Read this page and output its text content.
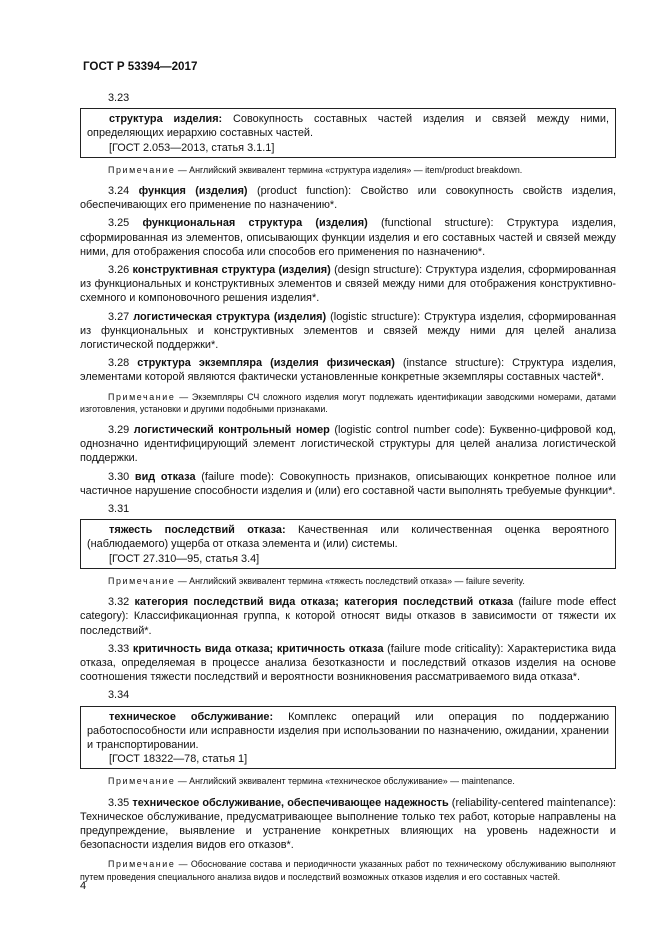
ГОСТ Р 53394—2017
3.23

структура изделия: Совокупность составных частей изделия и связей между ними, определяющих иерархию составных частей.

[ГОСТ 2.053—2013, статья 3.1.1]

Примечание — Английский эквивалент термина «структура изделия» — item/product breakdown.

3.24 функция (изделия) (product function): Свойство или совокупность свойств изделия, обеспечивающих его применение по назначению*.

3.25 функциональная структура (изделия) (functional structure): Структура изделия, сформированная из элементов, описывающих функции изделия и его составных частей и связей между ними, для отображения способа или способов его применения по назначению*.

3.26 конструктивная структура (изделия) (design structure): Структура изделия, сформированная из функциональных и конструктивных элементов и связей между ними для отображения конструктивно-схемного и компоновочного решения изделия*.

3.27 логистическая структура (изделия) (logistic structure): Структура изделия, сформированная из функциональных и конструктивных элементов и связей между ними для целей анализа логистической поддержки*.

3.28 структура экземпляра (изделия физическая) (instance structure): Структура изделия, элементами которой являются фактически установленные конкретные экземпляры составных частей*.

Примечание — Экземпляры СЧ сложного изделия могут подлежать идентификации заводскими номерами, датами изготовления, установки и другими подобными признаками.

3.29 логистический контрольный номер (logistic control number code): Буквенно-цифровой код, однозначно идентифицирующий элемент логистической структуры для целей анализа логистической поддержки.

3.30 вид отказа (failure mode): Совокупность признаков, описывающих конкретное полное или частичное нарушение способности изделия и (или) его составной части выполнять требуемые функции*.

3.31

тяжесть последствий отказа: Качественная или количественная оценка вероятного (наблюдаемого) ущерба от отказа элемента и (или) системы.

[ГОСТ 27.310—95, статья 3.4]

Примечание — Английский эквивалент термина «тяжесть последствий отказа» — failure severity.

3.32 категория последствий вида отказа; категория последствий отказа (failure mode effect category): Классификационная группа, к которой относят виды отказов в зависимости от тяжести их последствий*.

3.33 критичность вида отказа; критичность отказа (failure mode criticality): Характеристика вида отказа, определяемая в процессе анализа безотказности и последствий отказов изделия на основе соотношения тяжести последствий и вероятности возникновения рассматриваемого вида отказа*.

3.34

техническое обслуживание: Комплекс операций или операция по поддержанию работоспособности или исправности изделия при использовании по назначению, ожидании, хранении и транспортировании.

[ГОСТ 18322—78, статья 1]

Примечание — Английский эквивалент термина «техническое обслуживание» — maintenance.

3.35 техническое обслуживание, обеспечивающее надежность (reliability-centered maintenance): Техническое обслуживание, предусматривающее выполнение только тех работ, которые направлены на предупреждение, выявление и устранение конкретных влияющих на уровень надежности и безопасности изделия видов его отказов*.

Примечание — Обоснование состава и периодичности указанных работ по техническому обслуживанию выполняют путем проведения специального анализа видов и последствий возможных отказов изделия и его составных частей.

4
